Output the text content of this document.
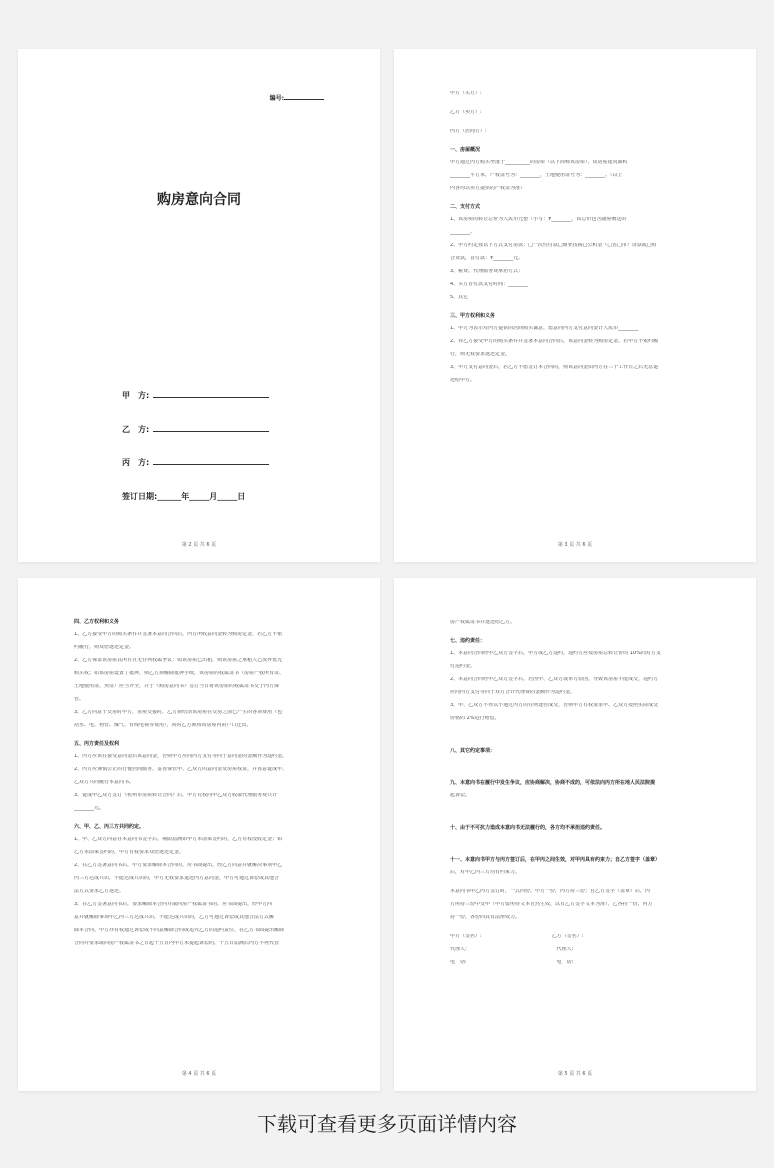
编号:
购房意向合同
甲　方:
乙　方:
丙　方:
签订日期:______年_____月_____日
第 2 页 共 6 页
甲方（买方）:
乙方（卖方）:
丙方（居间方）:
一、房屋概况
甲方通过丙方购买坐落于__________的房屋（以下简称该房屋），该房屋建筑面积
________平方米，产权证号为：________，土地使用证号为：________。（以上
内容均以卖方提供的产权证为准）
二、支付方式
1、该房屋的转让总价为人民币元整（小写：¥________，该总价包含随屋赠送的
________。
2、甲方约定按以下方式支付房款：□一次性付款□商业按揭□公积金（□省□市）贷款或□组
合贷款，首付款：¥________元。
3、税费、代理服务费承担方式：
4、买方首付款支付时间：________
5、其它
三、甲方权利和义务
1、甲方为表示对丙方提供的居间购买诚意，愿意向丙方支付意向金计人民币________
2、待乙方接受甲方的购买条件并签署本意向合同后，该意向金转为购房定金。若甲方不依约履
行，则无权要求返还定金。
3、甲方支付意向金后，若乙方不愿签订本合同的，则该意向金由丙方在三个工作日之后无息退
还给甲方。
第 3 页 共 6 页
四、乙方权利和义务
1、乙方接受甲方的购买条件并签署本意向合同后，丙方所收意向金转为购房定金，若乙方不依
约履行，则双倍返还定金。
2、乙方保证该房屋其所有且无任何权属争议：如该房屋已出租，则该房屋之承租人已放弃优先
购买权；如该房屋设置了抵押，则乙方须解除抵押手续，该房屋的权属证书（房屋产权所有证、
土地使用证、契证）应当齐全，并于《购房意向书》签订当日将该房屋的权属证书交于丙方保
管。
3、乙方同意于交房时甲方，房屋交接时，乙方须结清该房屋在交房之前已产生的各项费用（包
括水、电、物管、煤气、有线电视等费用），同时乙方须将该房屋内的户口迁出。
五、丙方责任及权利
1、丙方应该在接受意向金后该意向金，否则甲方应向丙方支付等同于意向金的金额作为违约金。
2、丙方应谨慎公正的行使居间服务，妥善保管甲、乙双方的意向金及房屋权证，并善意促成甲、
乙双方共同履行本意向书。
3、促成甲乙双方签订《杭州市房屋转让合同》后，甲方有权向甲乙双方收取代理服务费共计
________元。
六、甲、乙、丙三方共同约定。
1、甲、乙双方同意在本意向书签字后，期限届满如甲方未前来签约的，乙方有权没收定金；如
乙方未前来签约的，甲方有权要求双倍返还定金。
2、在乙方签署意向书后，甲方要求解除本合同的，应书面提出，经乙方同意并就解决事项甲乙
丙三方达成共识，不能达成共识的，甲方无权要求退还丙方意向金，甲方可通过诉讼或其他合
法方式要求乙方返还。
3、在乙方签署意向书后，要求解除本合同并取回房产权属证书的，应书面提出，经甲方同
意并就解除事项甲乙丙三方达成共识，不能达成共识的，乙方可通过诉讼或其他合法方式解
除本合同。甲方亦有权通过诉讼或不同意解除合同或追究乙方的违约责任，在乙方书面提出解除
合同并要求取回房产权属证书之日起十五日内甲方未提起诉讼的，十五日届满后丙方不再代管
第 4 页 共 6 页
房产权属证书并返还给乙方。
七、违约责任：
1、本意向合同经甲乙双方签字后，甲方或乙方违约，违约方应按房屋总转让价的 10%向对方支
付违约金。
2、本意向合同经甲乙双方签字后，若因甲、乙双方或单方原因，导致该房屋不能成交，违约方
应向丙方支付等同于双方合计代理费的金额作为违约金。
3、甲、乙双方不得以不通过丙方的任何途径成交，否则甲方有权要求甲、乙双方按照实际成交
价格的 2%进行赔偿。
八、其它约定事项：
九、本意向书在履行中发生争议，应协商解决，协商不成的，可依法向丙方所在地人民法院提
起诉讼。
十、由于不可抗力造成本意向书无法履行的，各方均不承担违约责任。
十一、本意向书甲方与丙方签订后，在甲丙之间生效，对甲丙具有约束力；自乙方签字（盖章）
后，对甲乙丙三方均有约束力。
本意向书甲乙丙方签订时，一式四份，甲方一份，丙方持三份；自乙方签字（盖章）后，丙
方所持三份中交甲（甲方留所持文本自然生效，以有乙方签字文本为准）、乙各持一份，丙方
持一份，各份同具有法律效力。
甲方（签名）:　　　　　　　　　　　　　　乙方（签名）:
代理人:　　　　　　　　　　　　　　　　　　代理人:
电　话:　　　　　　　　　　　　　　　　　　电　话:
第 5 页 共 6 页
下载可查看更多页面详情内容
